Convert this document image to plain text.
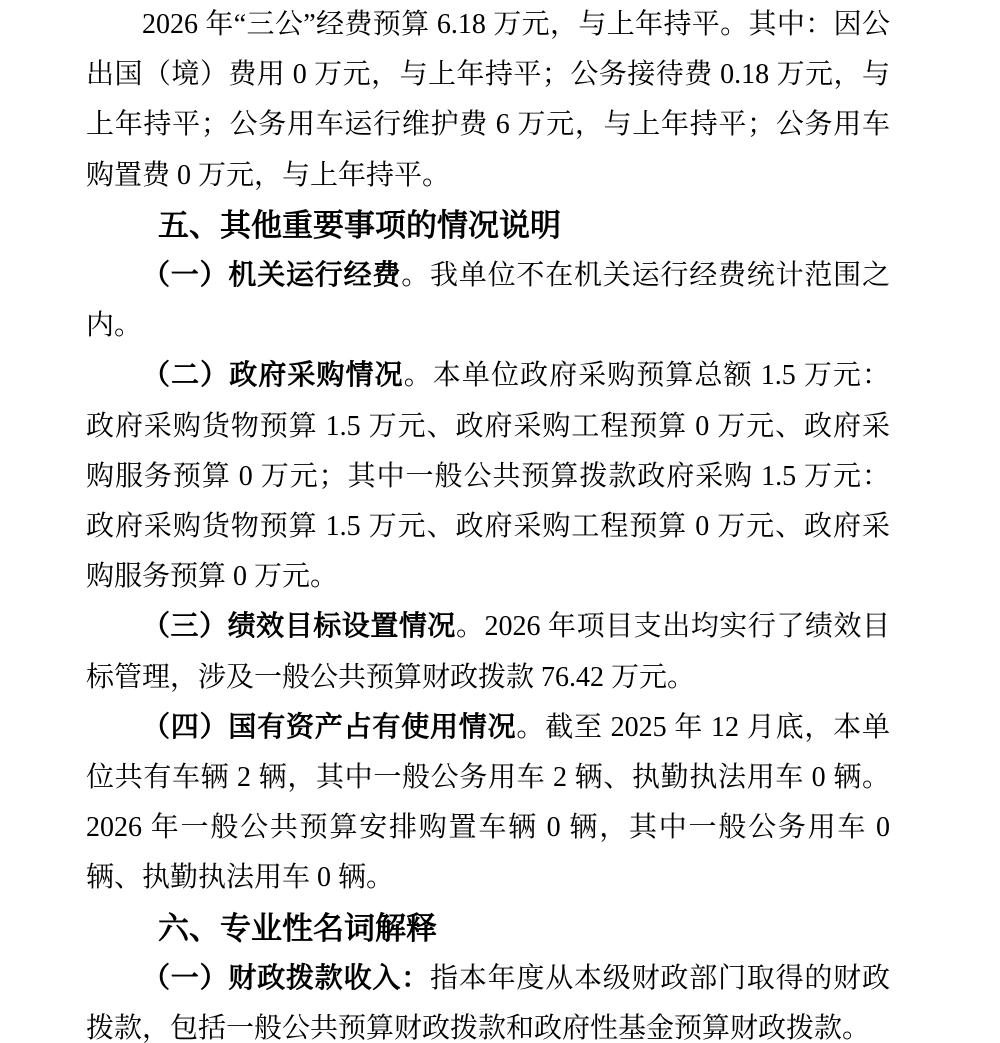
2026 年“三公”经费预算 6.18 万元，与上年持平。其中：因公出国（境）费用 0 万元，与上年持平；公务接待费 0.18 万元，与上年持平；公务用车运行维护费 6 万元，与上年持平；公务用车购置费 0 万元，与上年持平。

五、其他重要事项的情况说明

（一）机关运行经费。我单位不在机关运行经费统计范围之内。

（二）政府采购情况。本单位政府采购预算总额 1.5 万元：政府采购货物预算 1.5 万元、政府采购工程预算 0 万元、政府采购服务预算 0 万元；其中一般公共预算拨款政府采购 1.5 万元：政府采购货物预算 1.5 万元、政府采购工程预算 0 万元、政府采购服务预算 0 万元。

（三）绩效目标设置情况。2026 年项目支出均实行了绩效目标管理，涉及一般公共预算财政拨款 76.42 万元。

（四）国有资产占有使用情况。截至 2025 年 12 月底，本单位共有车辆 2 辆，其中一般公务用车 2 辆、执勤执法用车 0 辆。2026 年一般公共预算安排购置车辆 0 辆，其中一般公务用车 0 辆、执勤执法用车 0 辆。

六、专业性名词解释

（一）财政拨款收入：指本年度从本级财政部门取得的财政拨款，包括一般公共预算财政拨款和政府性基金预算财政拨款。
